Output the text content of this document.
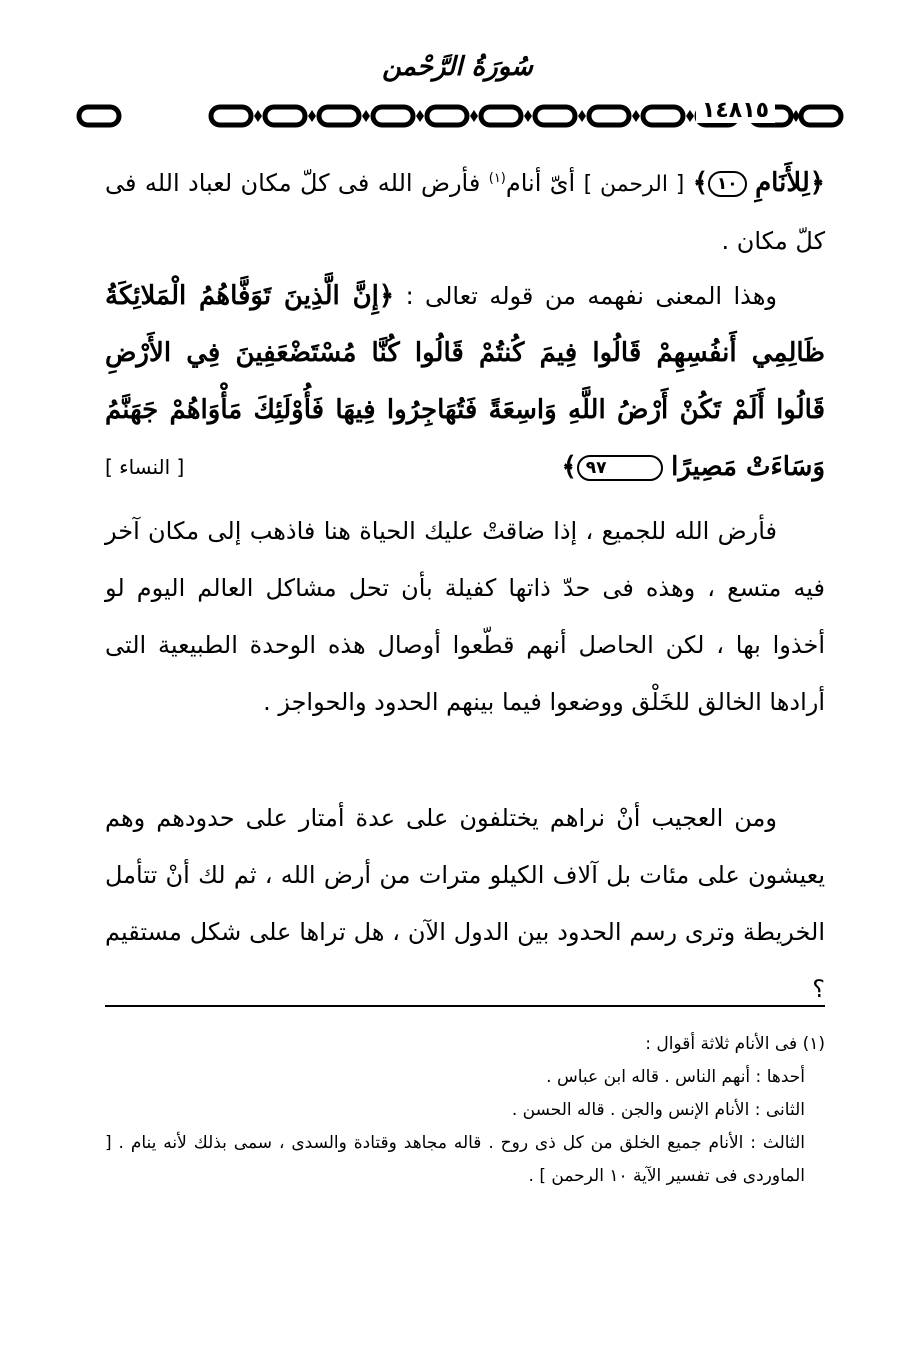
سُورَةُ الرَّحْمن
١٤٨١٥

﴿لِلأَنَامِ ١٠﴾ [ الرحمن ] أىّ أنام$^{(١)}$ فأرض الله فى كلّ مكان لعباد الله فى كلّ مكان .

وهذا المعنى نفهمه من قوله تعالى : ﴿إِنَّ الَّذِينَ تَوَفَّاهُمُ الْمَلائِكَةُ ظَالِمِي أَنفُسِهِمْ قَالُوا فِيمَ كُنتُمْ قَالُوا كُنَّا مُسْتَضْعَفِينَ فِي الأَرْضِ قَالُوا أَلَمْ تَكُنْ أَرْضُ اللَّهِ وَاسِعَةً فَتُهَاجِرُوا فِيهَا فَأُوْلَئِكَ مَأْوَاهُمْ جَهَنَّمُ وَسَاءَتْ مَصِيرًا ٩٧﴾
[ النساء ]

فأرض الله للجميع ، إذا ضاقتْ عليك الحياة هنا فاذهب إلى مكان آخر فيه متسع ، وهذه فى حدّ ذاتها كفيلة بأن تحل مشاكل العالم اليوم لو أخذوا بها ، لكن الحاصل أنهم قطّعوا أوصال هذه الوحدة الطبيعية التى أرادها الخالق للخَلْق ووضعوا فيما بينهم الحدود والحواجز .

ومن العجيب أنْ نراهم يختلفون على عدة أمتار على حدودهم وهم يعيشون على مئات بل آلاف الكيلو مترات من أرض الله ، ثم لك أنْ تتأمل الخريطة وترى رسم الحدود بين الدول الآن ، هل تراها على شكل مستقيم ؟

(١) فى الأنام ثلاثة أقوال :

أحدها : أنهم الناس . قاله ابن عباس .

الثانى : الأنام الإنس والجن . قاله الحسن .

الثالث : الأنام جميع الخلق من كل ذى روح . قاله مجاهد وقتادة والسدى ، سمى بذلك لأنه ينام . [ الماوردى فى تفسير الآية ١٠ الرحمن ] .
